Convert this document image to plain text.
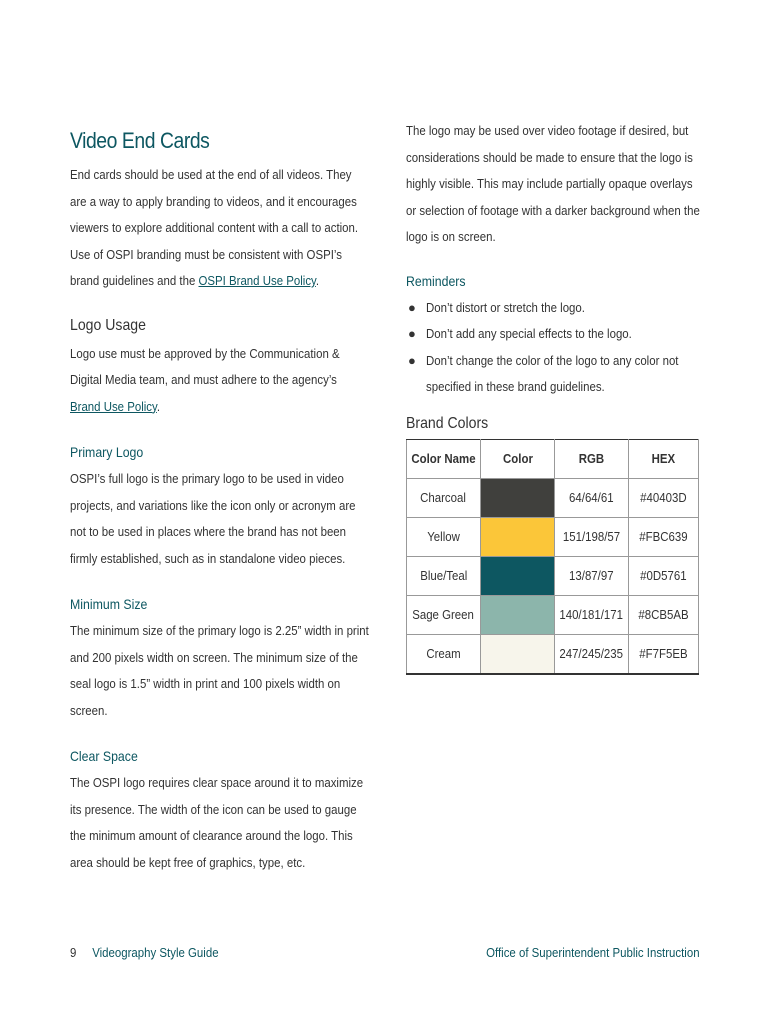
Video End Cards

End cards should be used at the end of all videos. They are a way to apply branding to videos, and it encourages viewers to explore additional content with a call to action. Use of OSPI branding must be consistent with OSPI’s brand guidelines and the OSPI Brand Use Policy.

Logo Usage

Logo use must be approved by the Communication & Digital Media team, and must adhere to the agency’s Brand Use Policy.

Primary Logo

OSPI’s full logo is the primary logo to be used in video projects, and variations like the icon only or acronym are not to be used in places where the brand has not been firmly established, such as in standalone video pieces.

Minimum Size

The minimum size of the primary logo is 2.25” width in print and 200 pixels width on screen. The minimum size of the seal logo is 1.5” width in print and 100 pixels width on screen.

Clear Space

The OSPI logo requires clear space around it to maximize its presence. The width of the icon can be used to gauge the minimum amount of clearance around the logo. This area should be kept free of graphics, type, etc.

The logo may be used over video footage if desired, but considerations should be made to ensure that the logo is highly visible. This may include partially opaque overlays or selection of footage with a darker background when the logo is on screen.

Reminders
● Don’t distort or stretch the logo.
● Don’t add any special effects to the logo.
● Don’t change the color of the logo to any color not specified in these brand guidelines.
Brand Colors
Color Name	Color	RGB	HEX
Charcoal		64/64/61	#40403D
Yellow		151/198/57	#FBC639
Blue/Teal		13/87/97	#0D5761
Sage Green		140/181/171	#8CB5AB
Cream		247/245/235	#F7F5EB
9 Videography Style Guide	Office of Superintendent Public Instruction
